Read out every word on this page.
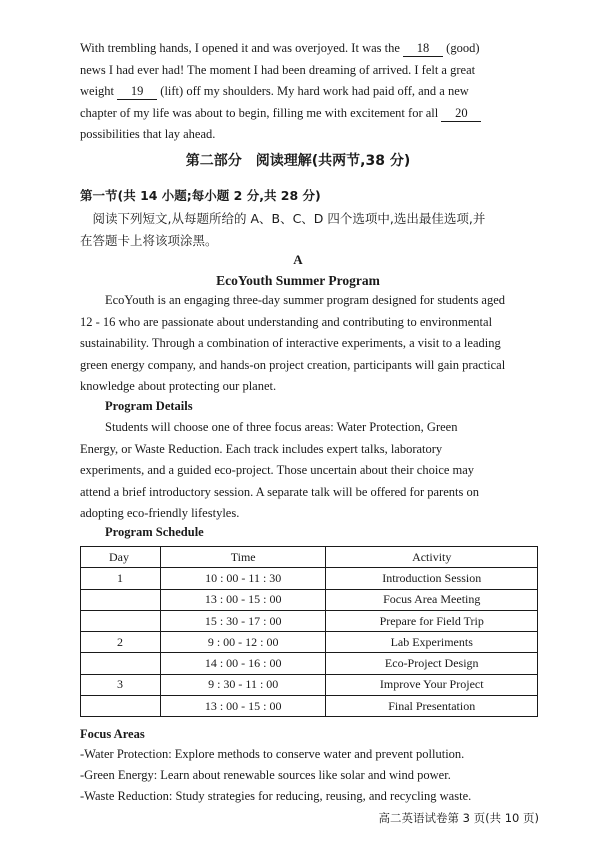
With trembling hands, I opened it and was overjoyed. It was the 18 (good)
news I had ever had! The moment I had been dreaming of arrived. I felt a great
weight 19 (lift) off my shoulders. My hard work had paid off, and a new
chapter of my life was about to begin, filling me with excitement for all 20
possibilities that lay ahead.
第二部分　阅读理解(共两节,38 分)
第一节(共 14 小题;每小题 2 分,共 28 分)
　阅读下列短文,从每题所给的 A、B、C、D 四个选项中,选出最佳选项,并
在答题卡上将该项涂黑。
A
EcoYouth Summer Program
EcoYouth is an engaging three-day summer program designed for students aged
12 - 16 who are passionate about understanding and contributing to environmental
sustainability. Through a combination of interactive experiments, a visit to a leading
green energy company, and hands-on project creation, participants will gain practical
knowledge about protecting our planet.
Program Details
Students will choose one of three focus areas: Water Protection, Green
Energy, or Waste Reduction. Each track includes expert talks, laboratory
experiments, and a guided eco-project. Those uncertain about their choice may
attend a brief introductory session. A separate talk will be offered for parents on
adopting eco-friendly lifestyles.
Program Schedule
Day	Time	Activity
1	10 : 00 - 11 : 30	Introduction Session
	13 : 00 - 15 : 00	Focus Area Meeting
	15 : 30 - 17 : 00	Prepare for Field Trip
2	9 : 00 - 12 : 00	Lab Experiments
	14 : 00 - 16 : 00	Eco-Project Design
3	9 : 30 - 11 : 00	Improve Your Project
	13 : 00 - 15 : 00	Final Presentation
Focus Areas
-Water Protection: Explore methods to conserve water and prevent pollution.
-Green Energy: Learn about renewable sources like solar and wind power.
-Waste Reduction: Study strategies for reducing, reusing, and recycling waste.
高二英语试卷第 3 页(共 10 页)
